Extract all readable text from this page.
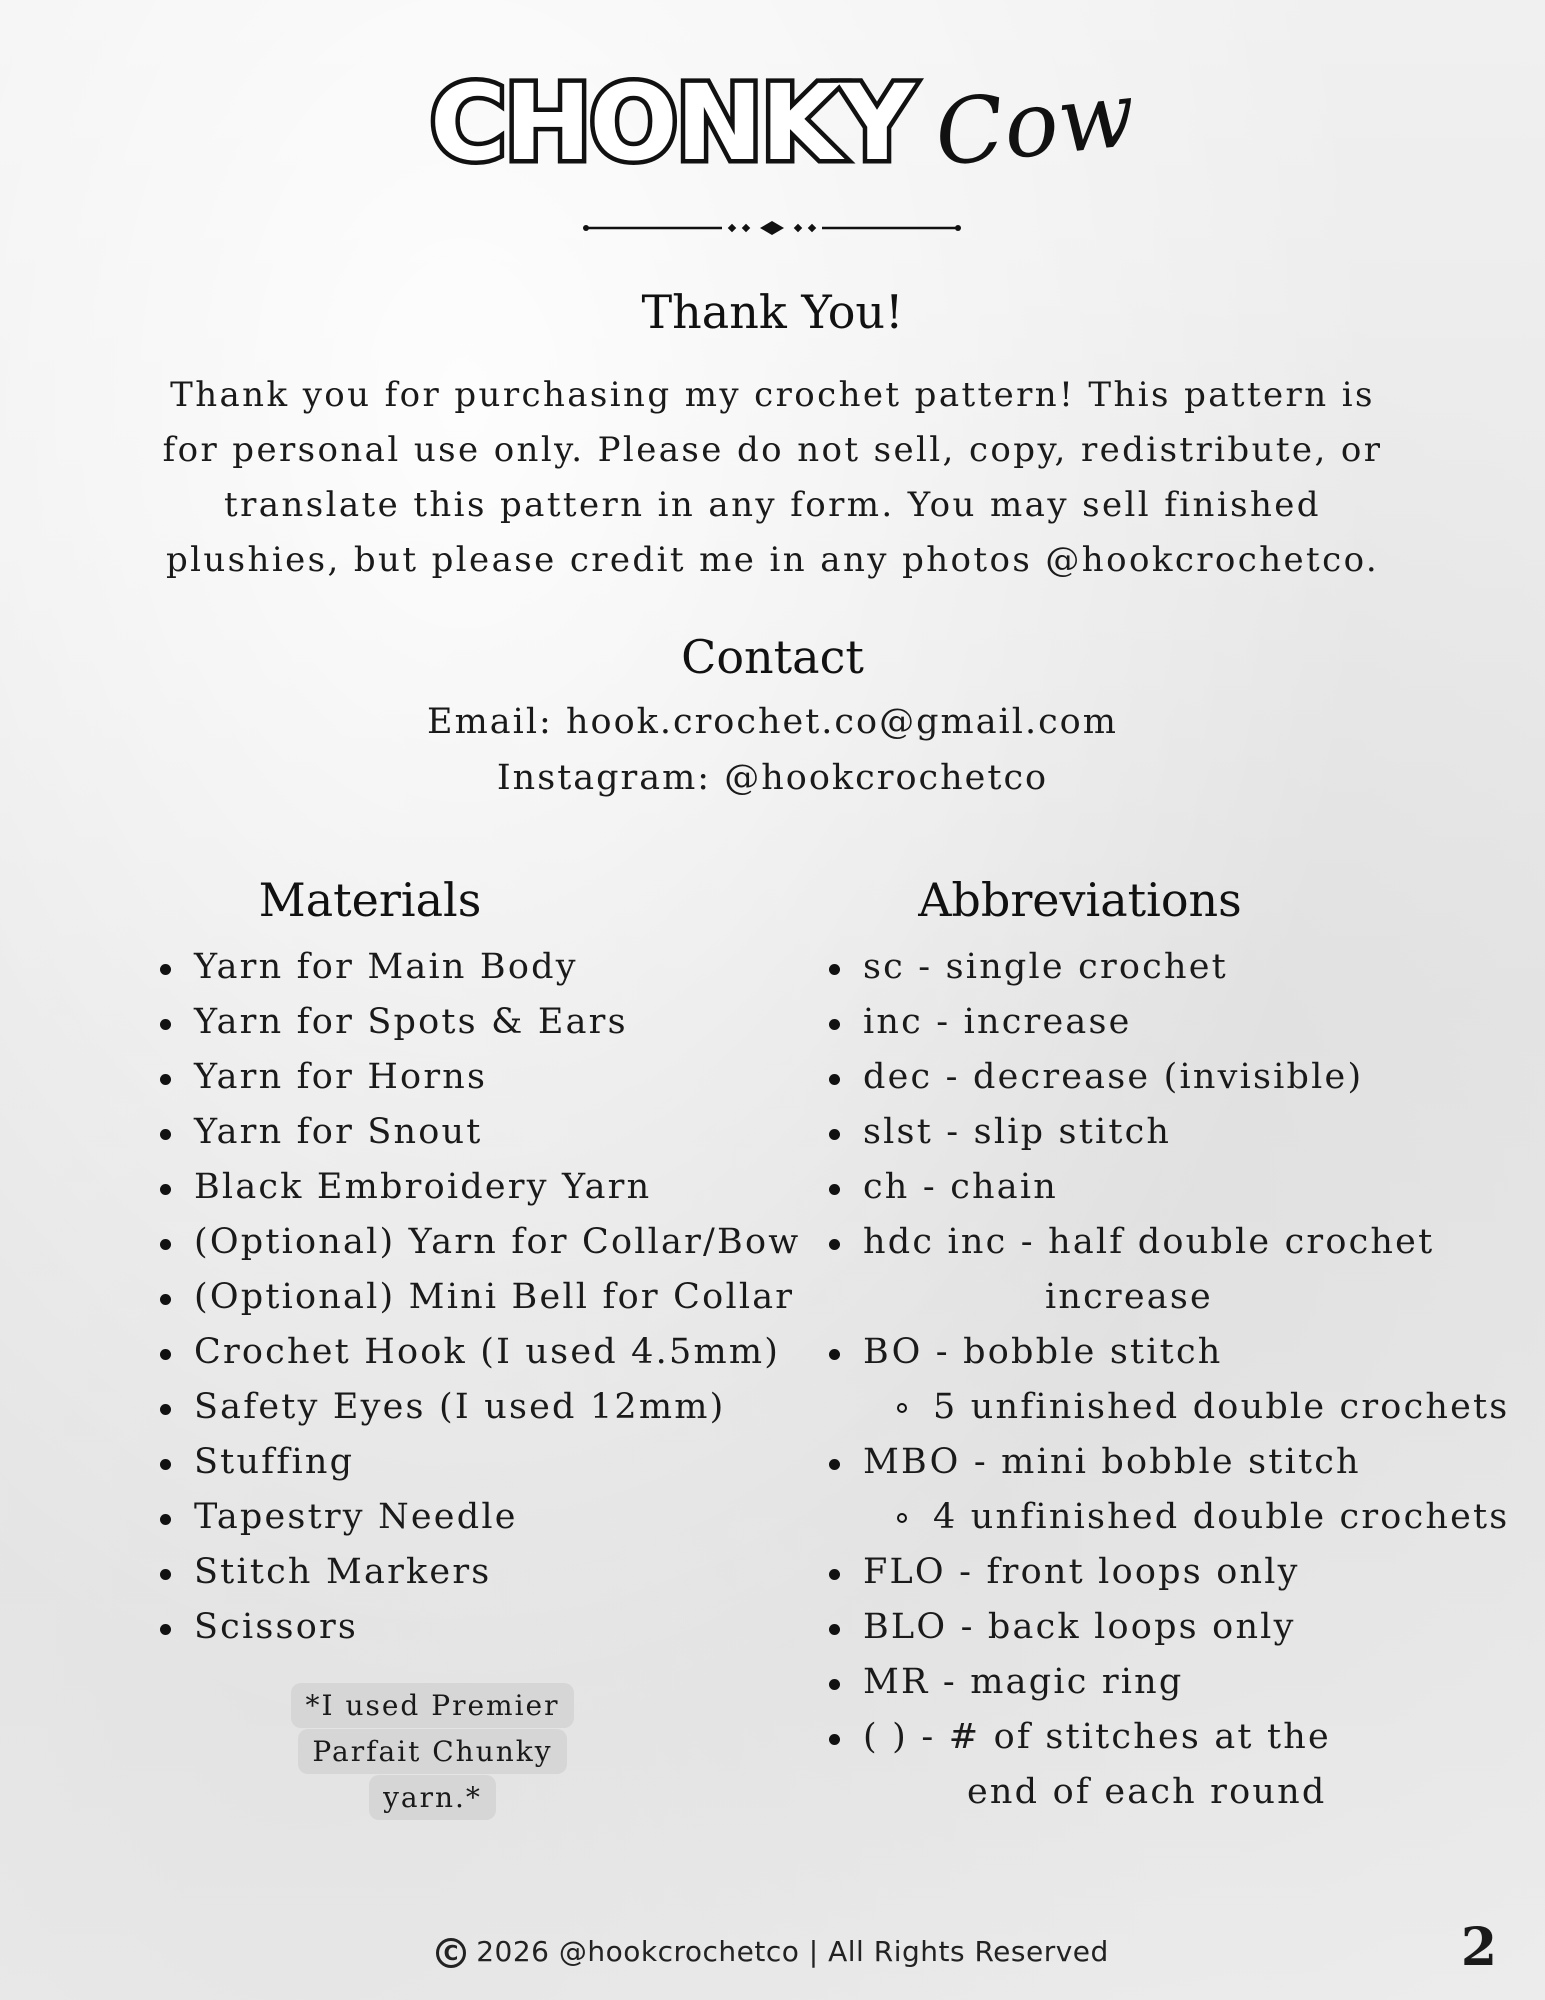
CHONKY Cow
Thank You!

Thank you for purchasing my crochet pattern! This pattern is for personal use only. Please do not sell, copy, redistribute, or translate this pattern in any form. You may sell finished plushies, but please credit me in any photos @hookcrochetco.

Contact
Email: hook.crochet.co@gmail.com
Instagram: @hookcrochetco
Materials
Yarn for Main Body
Yarn for Spots & Ears
Yarn for Horns
Yarn for Snout
Black Embroidery Yarn
(Optional) Yarn for Collar/Bow
(Optional) Mini Bell for Collar
Crochet Hook (I used 4.5mm)
Safety Eyes (I used 12mm)
Stuffing
Tapestry Needle
Stitch Markers
Scissors
*I used Premier Parfait Chunky yarn.*
Abbreviations
sc - single crochet
inc - increase
dec - decrease (invisible)
slst - slip stitch
ch - chain
hdc inc - half double crochet
increase
BO - bobble stitch
5 unfinished double crochets
MBO - mini bobble stitch
4 unfinished double crochets
FLO - front loops only
BLO - back loops only
MR - magic ring
( ) - # of stitches at the
end of each round
C 2026 @hookcrochetco | All Rights Reserved	2
